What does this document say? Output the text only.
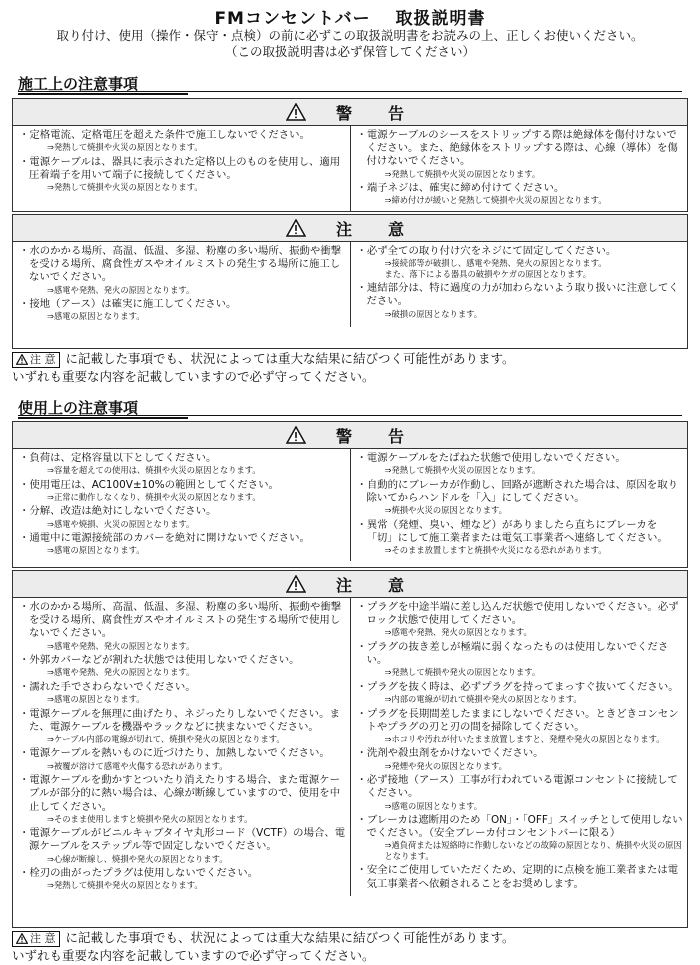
FMコンセントバー　 取扱説明書
取り付け、使用（操作・保守・点検）の前に必ずこの取扱説明書をお読みの上、正しくお使いください。
（この取扱説明書は必ず保管してください）
施工上の注意事項
警　告
・ 定格電流、定格電圧を超えた条件で施工しないでください。
⇒発熱して焼損や火災の原因となります。
・ 電源ケーブルは、器具に表示された定格以上のものを使用し、適用圧着端子を用いて端子に接続してください。
⇒発熱して焼損や火災の原因となります。
・ 電源ケーブルのシースをストリップする際は絶縁体を傷付けないでください。また、絶縁体をストリップする際は、心線（導体）を傷付けないでください。
⇒発熱して焼損や火災の原因となります。
・ 端子ネジは、確実に締め付けてください。
⇒締め付けが緩いと発熱して焼損や火災の原因となります。
注　意
・ 水のかかる場所、高温、低温、多湿、粉塵の多い場所、振動や衝撃を受ける場所、腐食性ガスやオイルミストの発生する場所に施工しないでください。
⇒感電や発熱、発火の原因となります。
・ 接地（アース）は確実に施工してください。
⇒感電の原因となります。
・ 必ず全ての取り付け穴をネジにて固定してください。
⇒接続部等が破損し、感電や発熱、発火の原因となります。
また、落下による器具の破損やケガの原因となります。
・ 連結部分は、特に過度の力が加わらないよう取り扱いに注意してください。
⇒破損の原因となります。
注 意 に記載した事項でも、状況によっては重大な結果に結びつく可能性があります。
いずれも重要な内容を記載していますので必ず守ってください。
使用上の注意事項
警　告
・ 負荷は、定格容量以下としてください。
⇒容量を超えての使用は、焼損や火災の原因となります。
・ 使用電圧は、AC100V±10%の範囲としてください。
⇒正常に動作しなくなり、焼損や火災の原因となります。
・ 分解、改造は絶対にしないでください。
⇒感電や焼損、火災の原因となります。
・ 通電中に電源接続部のカバーを絶対に開けないでください。
⇒感電の原因となります。
・ 電源ケーブルをたばねた状態で使用しないでください。
⇒発熱して焼損や火災の原因となります。
・ 自動的にブレーカが作動し、回路が遮断された場合は、原因を取り除いてからハンドルを「入」にしてください。
⇒焼損や火災の原因となります。
・ 異常（発煙、臭い、煙など）がありましたら直ちにブレーカを「切」にして施工業者または電気工事業者へ連絡してください。
⇒そのまま放置しますと焼損や火災になる恐れがあります。
注　意
・ 水のかかる場所、高温、低温、多湿、粉塵の多い場所、振動や衝撃を受ける場所、腐食性ガスやオイルミストの発生する場所で使用しないでください。
⇒感電や発熱、発火の原因となります。
・ 外郭カバーなどが割れた状態では使用しないでください。
⇒感電や発熱、発火の原因となります。
・ 濡れた手でさわらないでください。
⇒感電の原因となります。
・ 電源ケーブルを無理に曲げたり、ネジったりしないでください。また、電源ケーブルを機器やラックなどに挟まないでください。
⇒ケーブル内部の電線が切れて、焼損や発火の原因となります。
・ 電源ケーブルを熱いものに近づけたり、加熱しないでください。
⇒被覆が溶けて感電や火傷する恐れがあります。
・ 電源ケーブルを動かすとついたり消えたりする場合、また電源ケーブルが部分的に熱い場合は、心線が断線していますので、使用を中止してください。
⇒そのまま使用しますと焼損や発火の原因となります。
・ 電源ケーブルがビニルキャブタイヤ丸形コード（VCTF）の場合、電源ケーブルをステップル等で固定しないでください。
⇒心線が断線し、焼損や発火の原因となります。
・ 栓刃の曲がったプラグは使用しないでください。
⇒発熱して焼損や発火の原因となります。
・ プラグを中途半端に差し込んだ状態で使用しないでください。必ずロック状態で使用してください。
⇒感電や発熱、発火の原因となります。
・ プラグの抜き差しが極端に弱くなったものは使用しないでください。
⇒発熱して焼損や発火の原因となります。
・ プラグを抜く時は、必ずプラグを持ってまっすぐ抜いてください。
⇒内部の電線が切れて焼損や発火の原因となります。
・ プラグを長期間差したままにしないでください。ときどきコンセントやプラグの刃と刃の間を掃除してください。
⇒ホコリや汚れが付いたまま放置しますと、発煙や発火の原因となります。
・ 洗剤や殺虫剤をかけないでください。
⇒発煙や発火の原因となります。
・ 必ず接地（アース）工事が行われている電源コンセントに接続してください。
⇒感電の原因となります。
・ ブレーカは遮断用のため「ON」・「OFF」スイッチとして使用しないでください。（安全ブレーカ付コンセントバーに限る）
⇒過負荷または短絡時に作動しないなどの故障の原因となり、焼損や火災の原因となります。
・ 安全にご使用していただくため、定期的に点検を施工業者または電気工事業者へ依頼されることをお奨めします。
注 意 に記載した事項でも、状況によっては重大な結果に結びつく可能性があります。
いずれも重要な内容を記載していますので必ず守ってください。
